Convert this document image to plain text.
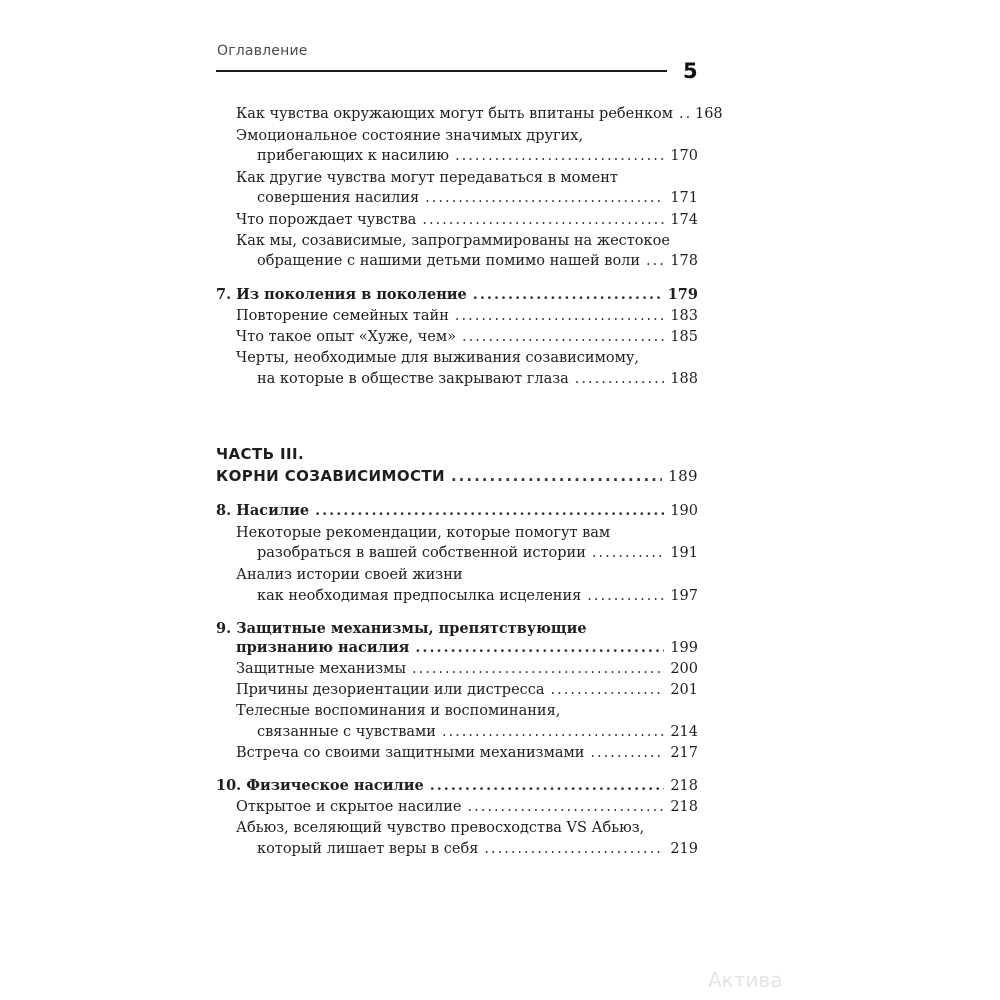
Оглавление
5
Как чувства окружающих могут быть впитаны ребенком ..... 168
Эмоциональное состояние значимых других,
прибегающих к насилию .....	170
Как другие чувства могут передаваться в момент
совершения насилия .....	171
Что порождает чувства .....	174
Как мы, созависимые, запрограммированы на жестокое
обращение с нашими детьми помимо нашей воли ..... 178
7. Из поколения в поколение .....	179
Повторение семейных тайн .....	183
Что такое опыт «Хуже, чем» .....	185
Черты, необходимые для выживания созависимому,
на которые в обществе закрывают глаза .....	188
ЧАСТЬ III.
КОРНИ СОЗАВИСИМОСТИ .....	189
8. Насилие .....	190
Некоторые рекомендации, которые помогут вам
разобраться в вашей собственной истории .....	191
Анализ истории своей жизни
как необходимая предпосылка исцеления .....	197
9. Защитные механизмы, препятствующие
признанию насилия .....	199
Защитные механизмы .....	200
Причины дезориентации или дистресса .....	201
Телесные воспоминания и воспоминания,
связанные с чувствами .....	214
Встреча со своими защитными механизмами .....	217
10. Физическое насилие .....	218
Открытое и скрытое насилие .....	218
Абьюз, вселяющий чувство превосходства VS Абьюз,
который лишает веры в себя .....	219
Актива
